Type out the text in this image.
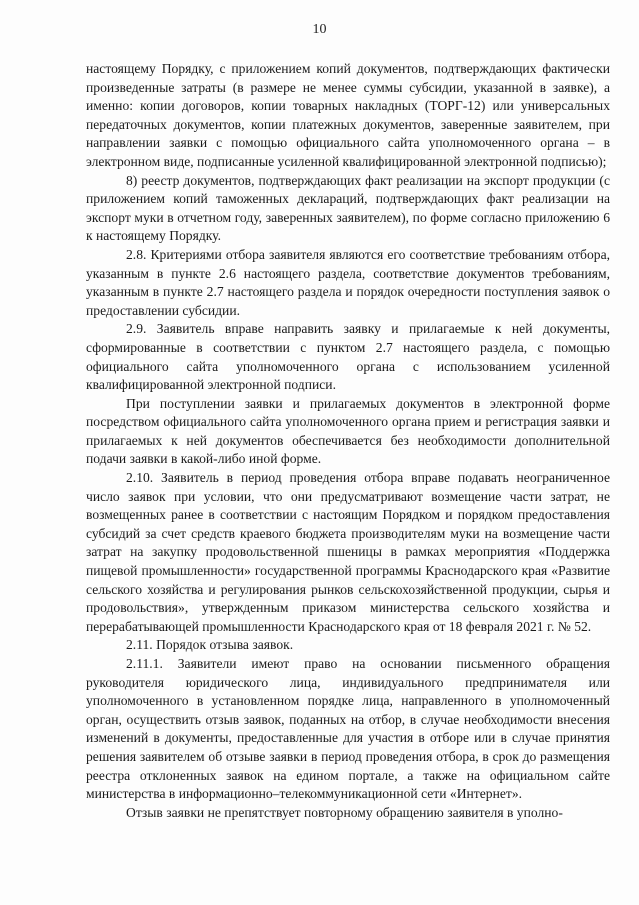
10

настоящему Порядку, с приложением копий документов, подтверждающих фактически произведенные затраты (в размере не менее суммы субсидии, указанной в заявке), а именно: копии договоров, копии товарных накладных (ТОРГ-12) или универсальных передаточных документов, копии платежных документов, заверенные заявителем, при направлении заявки с помощью официального сайта уполномоченного органа – в электронном виде, подписанные усиленной квалифицированной электронной подписью);

8) реестр документов, подтверждающих факт реализации на экспорт продукции (с приложением копий таможенных деклараций, подтверждающих факт реализации на экспорт муки в отчетном году, заверенных заявителем), по форме согласно приложению 6 к настоящему Порядку.

2.8. Критериями отбора заявителя являются его соответствие требованиям отбора, указанным в пункте 2.6 настоящего раздела, соответствие документов требованиям, указанным в пункте 2.7 настоящего раздела и порядок очередности поступления заявок о предоставлении субсидии.

2.9. Заявитель вправе направить заявку и прилагаемые к ней документы, сформированные в соответствии с пунктом 2.7 настоящего раздела, с помощью официального сайта уполномоченного органа с использованием усиленной квалифицированной электронной подписи.

При поступлении заявки и прилагаемых документов в электронной форме посредством официального сайта уполномоченного органа прием и регистрация заявки и прилагаемых к ней документов обеспечивается без необходимости дополнительной подачи заявки в какой-либо иной форме.

2.10. Заявитель в период проведения отбора вправе подавать неограниченное число заявок при условии, что они предусматривают возмещение части затрат, не возмещенных ранее в соответствии с настоящим Порядком и порядком предоставления субсидий за счет средств краевого бюджета производителям муки на возмещение части затрат на закупку продовольственной пшеницы в рамках мероприятия «Поддержка пищевой промышленности» государственной программы Краснодарского края «Развитие сельского хозяйства и регулирования рынков сельскохозяйственной продукции, сырья и продовольствия», утвержденным приказом министерства сельского хозяйства и перерабатывающей промышленности Краснодарского края от 18 февраля 2021 г. № 52.

2.11. Порядок отзыва заявок.

2.11.1. Заявители имеют право на основании письменного обращения руководителя юридического лица, индивидуального предпринимателя или уполномоченного в установленном порядке лица, направленного в уполномоченный орган, осуществить отзыв заявок, поданных на отбор, в случае необходимости внесения изменений в документы, предоставленные для участия в отборе или в случае принятия решения заявителем об отзыве заявки в период проведения отбора, в срок до размещения реестра отклоненных заявок на едином портале, а также на официальном сайте министерства в информационно–телекоммуникационной сети «Интернет».

Отзыв заявки не препятствует повторному обращению заявителя в уполно-
